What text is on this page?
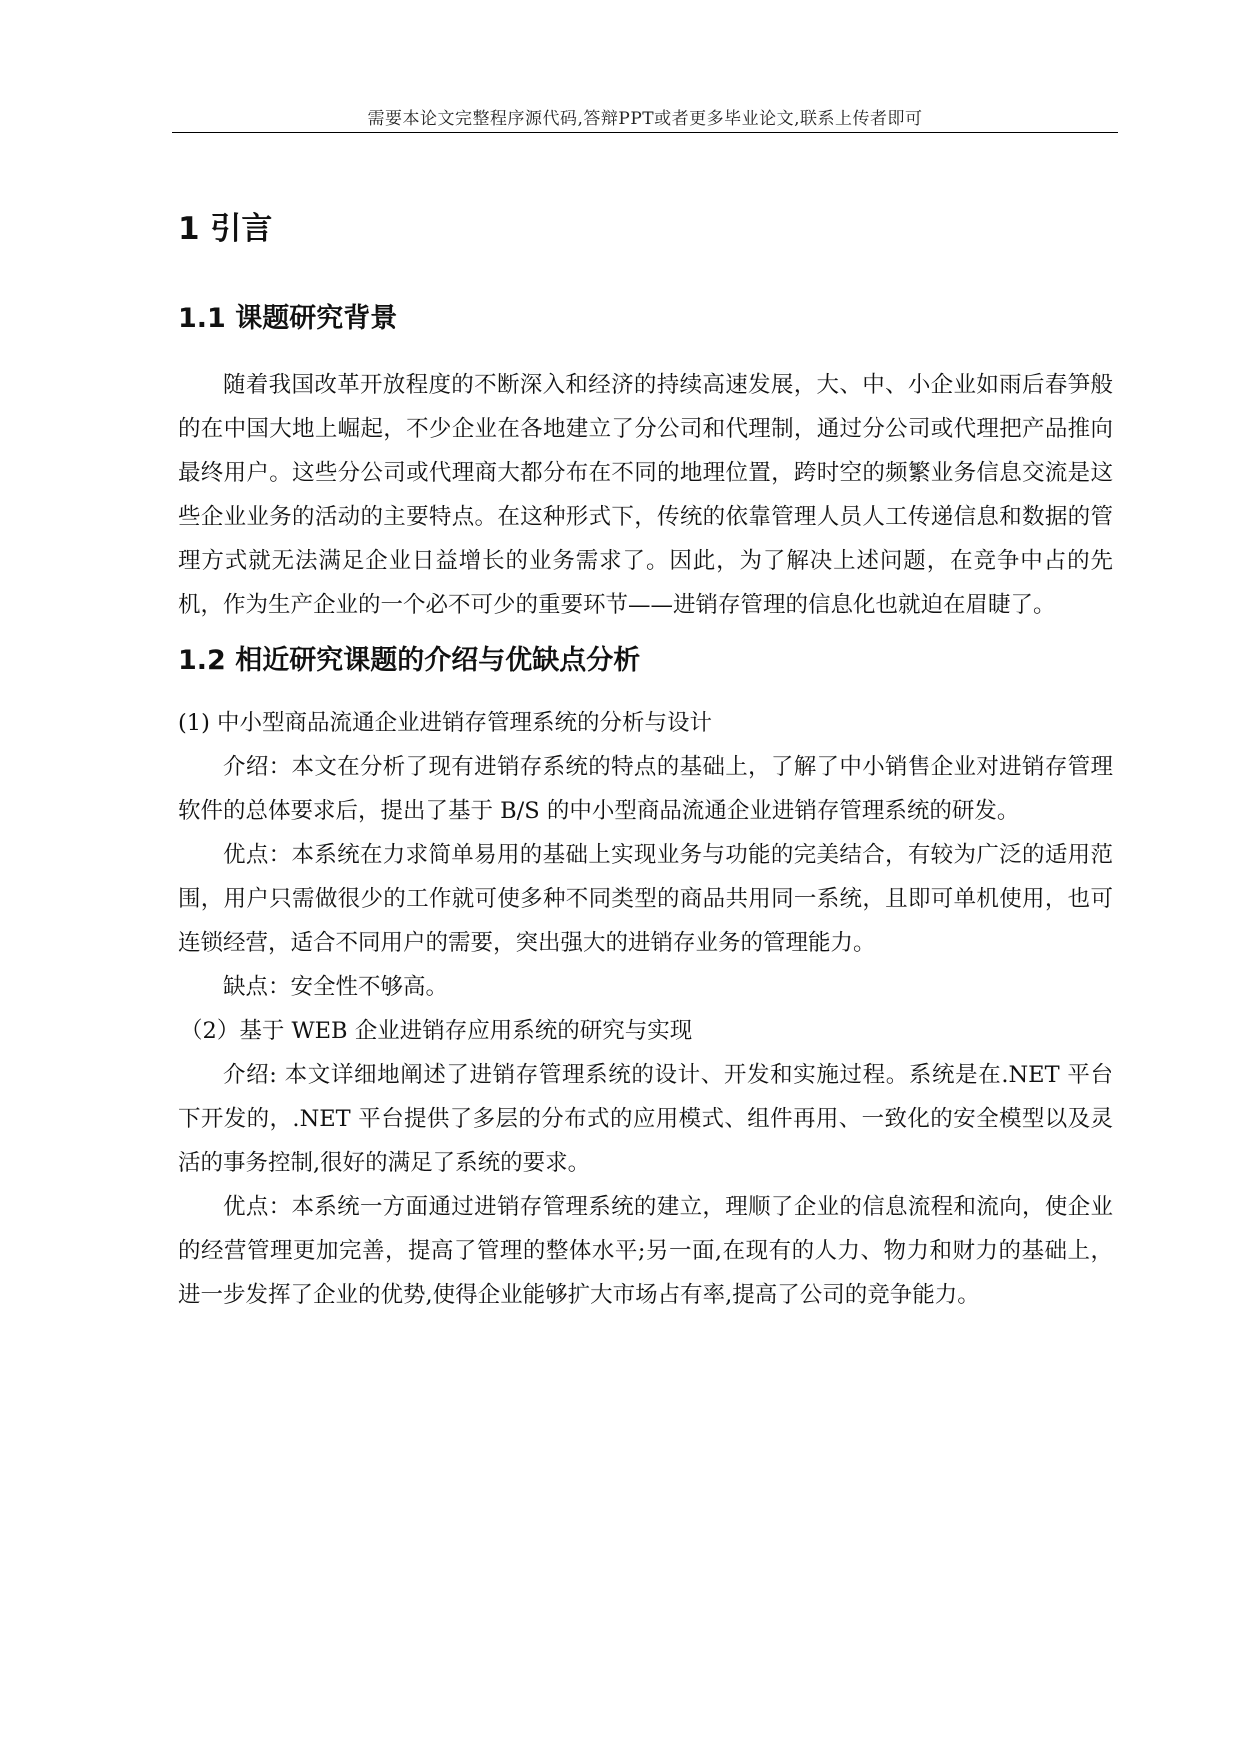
需要本论文完整程序源代码,答辩PPT或者更多毕业论文,联系上传者即可
1 引言
1.1 课题研究背景

随着我国改革开放程度的不断深入和经济的持续高速发展，大、中、小企业如雨后春笋般的在中国大地上崛起，不少企业在各地建立了分公司和代理制，通过分公司或代理把产品推向最终用户。这些分公司或代理商大都分布在不同的地理位置，跨时空的频繁业务信息交流是这些企业业务的活动的主要特点。在这种形式下，传统的依靠管理人员人工传递信息和数据的管理方式就无法满足企业日益增长的业务需求了。因此，为了解决上述问题，在竞争中占的先机，作为生产企业的一个必不可少的重要环节——进销存管理的信息化也就迫在眉睫了。

1.2 相近研究课题的介绍与优缺点分析

(1) 中小型商品流通企业进销存管理系统的分析与设计

介绍：本文在分析了现有进销存系统的特点的基础上，了解了中小销售企业对进销存管理软件的总体要求后，提出了基于 B/S 的中小型商品流通企业进销存管理系统的研发。

优点：本系统在力求简单易用的基础上实现业务与功能的完美结合，有较为广泛的适用范围，用户只需做很少的工作就可使多种不同类型的商品共用同一系统，且即可单机使用，也可连锁经营，适合不同用户的需要，突出强大的进销存业务的管理能力。

缺点：安全性不够高。

（2）基于 WEB 企业进销存应用系统的研究与实现

介绍: 本文详细地阐述了进销存管理系统的设计、开发和实施过程。系统是在.NET 平台下开发的，.NET 平台提供了多层的分布式的应用模式、组件再用、一致化的安全模型以及灵活的事务控制,很好的满足了系统的要求。

优点：本系统一方面通过进销存管理系统的建立，理顺了企业的信息流程和流向，使企业的经营管理更加完善，提高了管理的整体水平;另一面,在现有的人力、物力和财力的基础上，进一步发挥了企业的优势,使得企业能够扩大市场占有率,提高了公司的竞争能力。
